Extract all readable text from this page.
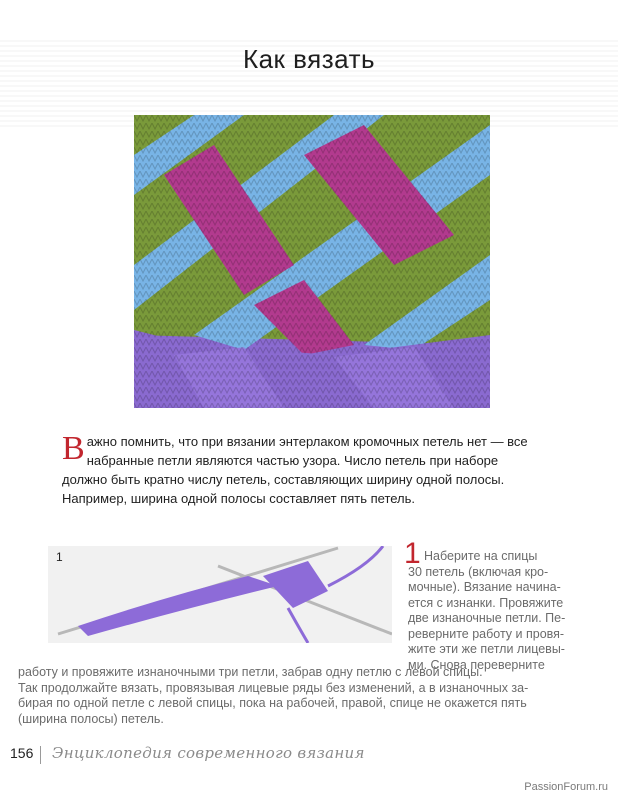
Как вязать
Важно помнить, что при вязании энтерлаком кромочных петель нет — все набранные петли являются частью узора. Число петель при наборе должно быть кратно числу петель, составляющих ширину одной полосы. Например, ширина одной полосы составляет пять петель.
1	1 Наберите на спицы

30 петель (включая кро-

мочные). Вязание начина-

ется с изнанки. Провяжите

две изнаночные петли. Пе-

реверните работу и провя-

жите эти же петли лицевы-

ми. Снова переверните

работу и провяжите изнаночными три петли, забрав одну петлю с левой спицы.

Так продолжайте вязать, провязывая лицевые ряды без изменений, а в изнаночных за-

бирая по одной петле с левой спицы, пока на рабочей, правой, спице не окажется пять

(ширина полосы) петель.

156 Энциклопедия современного вязания
PassionForum.ru
